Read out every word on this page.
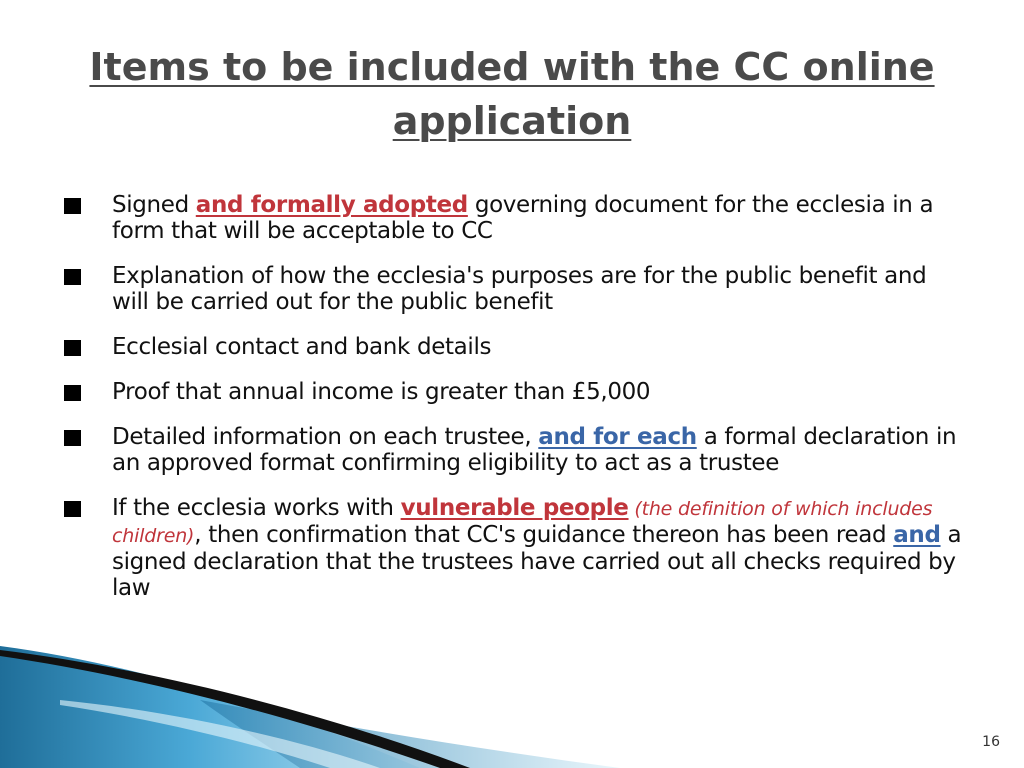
Items to be included with the CC online application
Signed and formally adopted governing document for the ecclesia in a form that will be acceptable to CC
Explanation of how the ecclesia's purposes are for the public benefit and will be carried out for the public benefit
Ecclesial contact and bank details
Proof that annual income is greater than £5,000
Detailed information on each trustee, and for each a formal declaration in an approved format confirming eligibility to act as a trustee
If the ecclesia works with vulnerable people (the definition of which includes children), then confirmation that CC's guidance thereon has been read and a signed declaration that the trustees have carried out all checks required by law
16
